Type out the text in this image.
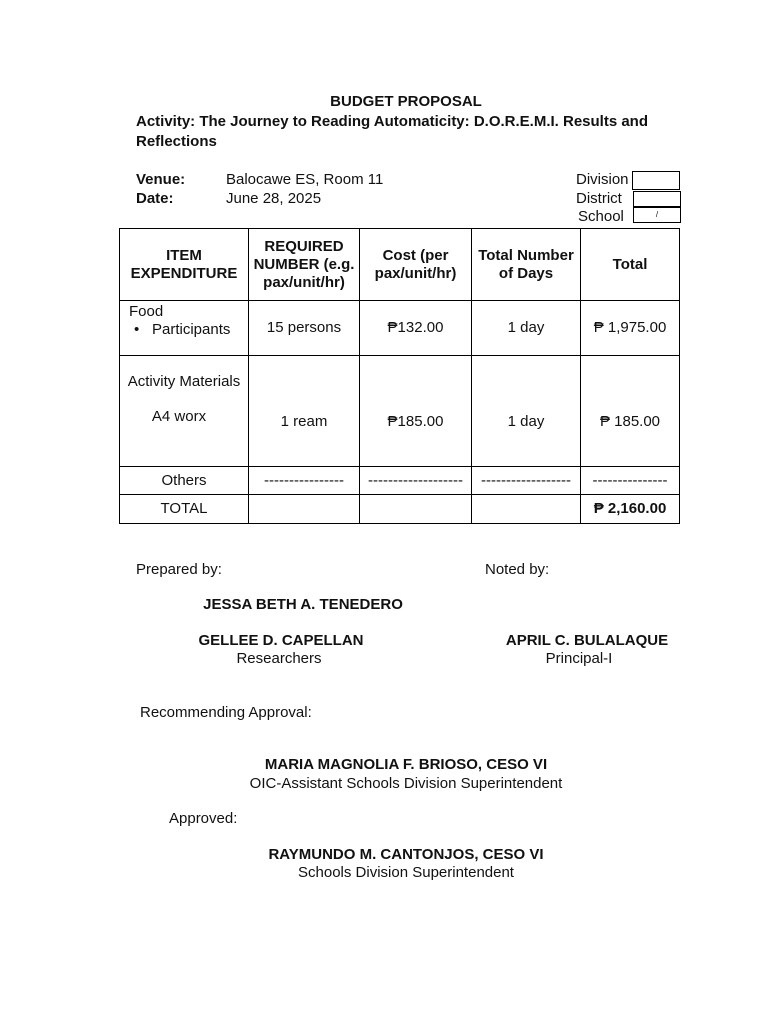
BUDGET PROPOSAL
Activity: The Journey to Reading Automaticity: D.O.R.E.M.I. Results and Reflections
Venue:	Balocawe ES, Room 11
Date:	June 28, 2025
Division
District
School	/
ITEM EXPENDITURE	REQUIRED NUMBER (e.g. pax/unit/hr)	Cost (per pax/unit/hr)	Total Number of Days	Total

Food
• Participants	15 persons	₱132.00	1 day	₱ 1,975.00

Activity Materials
A4 worx	1 ream	₱185.00	1 day	₱ 185.00
Others	----------------	-------------------	------------------	---------------
TOTAL				₱ 2,160.00
Prepared by:	Noted by:
JESSA BETH A. TENEDERO
GELLEE D. CAPELLAN
Researchers
APRIL C. BULALAQUE
Principal-I
Recommending Approval:
MARIA MAGNOLIA F. BRIOSO, CESO VI
OIC-Assistant Schools Division Superintendent
Approved:
RAYMUNDO M. CANTONJOS, CESO VI
Schools Division Superintendent
